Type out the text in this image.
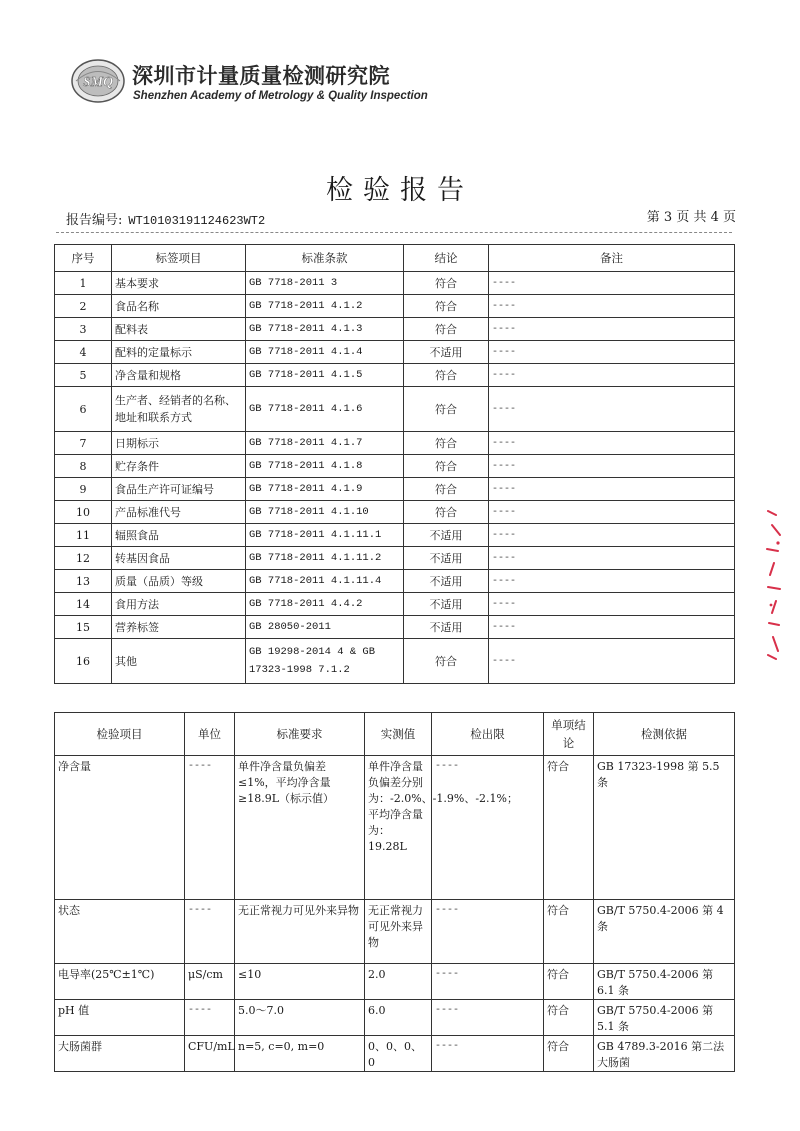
SMQ 深圳市计量质量检测研究院
Shenzhen Academy of Metrology & Quality Inspection
检验报告
报告编号: WT10103191124623WT2	第 3 页 共 4 页
序号	标签项目	标准条款	结论	备注
1	基本要求	GB 7718-2011 3	符合	----
2	食品名称	GB 7718-2011 4.1.2	符合	----
3	配料表	GB 7718-2011 4.1.3	符合	----
4	配料的定量标示	GB 7718-2011 4.1.4	不适用	----
5	净含量和规格	GB 7718-2011 4.1.5	符合	----
6	生产者、经销者的名称、地址和联系方式	GB 7718-2011 4.1.6	符合	----
7	日期标示	GB 7718-2011 4.1.7	符合	----
8	贮存条件	GB 7718-2011 4.1.8	符合	----
9	食品生产许可证编号	GB 7718-2011 4.1.9	符合	----
10	产品标准代号	GB 7718-2011 4.1.10	符合	----
11	辐照食品	GB 7718-2011 4.1.11.1	不适用	----
12	转基因食品	GB 7718-2011 4.1.11.2	不适用	----
13	质量（品质）等级	GB 7718-2011 4.1.11.4	不适用	----
14	食用方法	GB 7718-2011 4.4.2	不适用	----
15	营养标签	GB 28050-2011	不适用	----
16	其他	GB 19298-2014 4 & GB 17323-1998 7.1.2	符合	----
检验项目	单位	标准要求	实测值	检出限	单项结论	检测依据
净含量	----	单件净含量负偏差≤1%，平均净含量≥18.9L（标示值）	单件净含量负偏差分别为：-2.0%、-1.9%、-2.1%；平均净含量为：19.28L	----	符合	GB 17323-1998 第 5.5 条
状态	----	无正常视力可见外来异物	无正常视力可见外来异物	----	符合	GB/T 5750.4-2006 第 4 条
电导率(25℃±1℃)	μS/cm	≤10	2.0	----	符合	GB/T 5750.4-2006 第 6.1 条
pH 值	----	5.0～7.0	6.0	----	符合	GB/T 5750.4-2006 第 5.1 条
大肠菌群	CFU/mL	n=5, c=0, m=0	0、0、0、0	----	符合	GB 4789.3-2016 第二法 大肠菌
